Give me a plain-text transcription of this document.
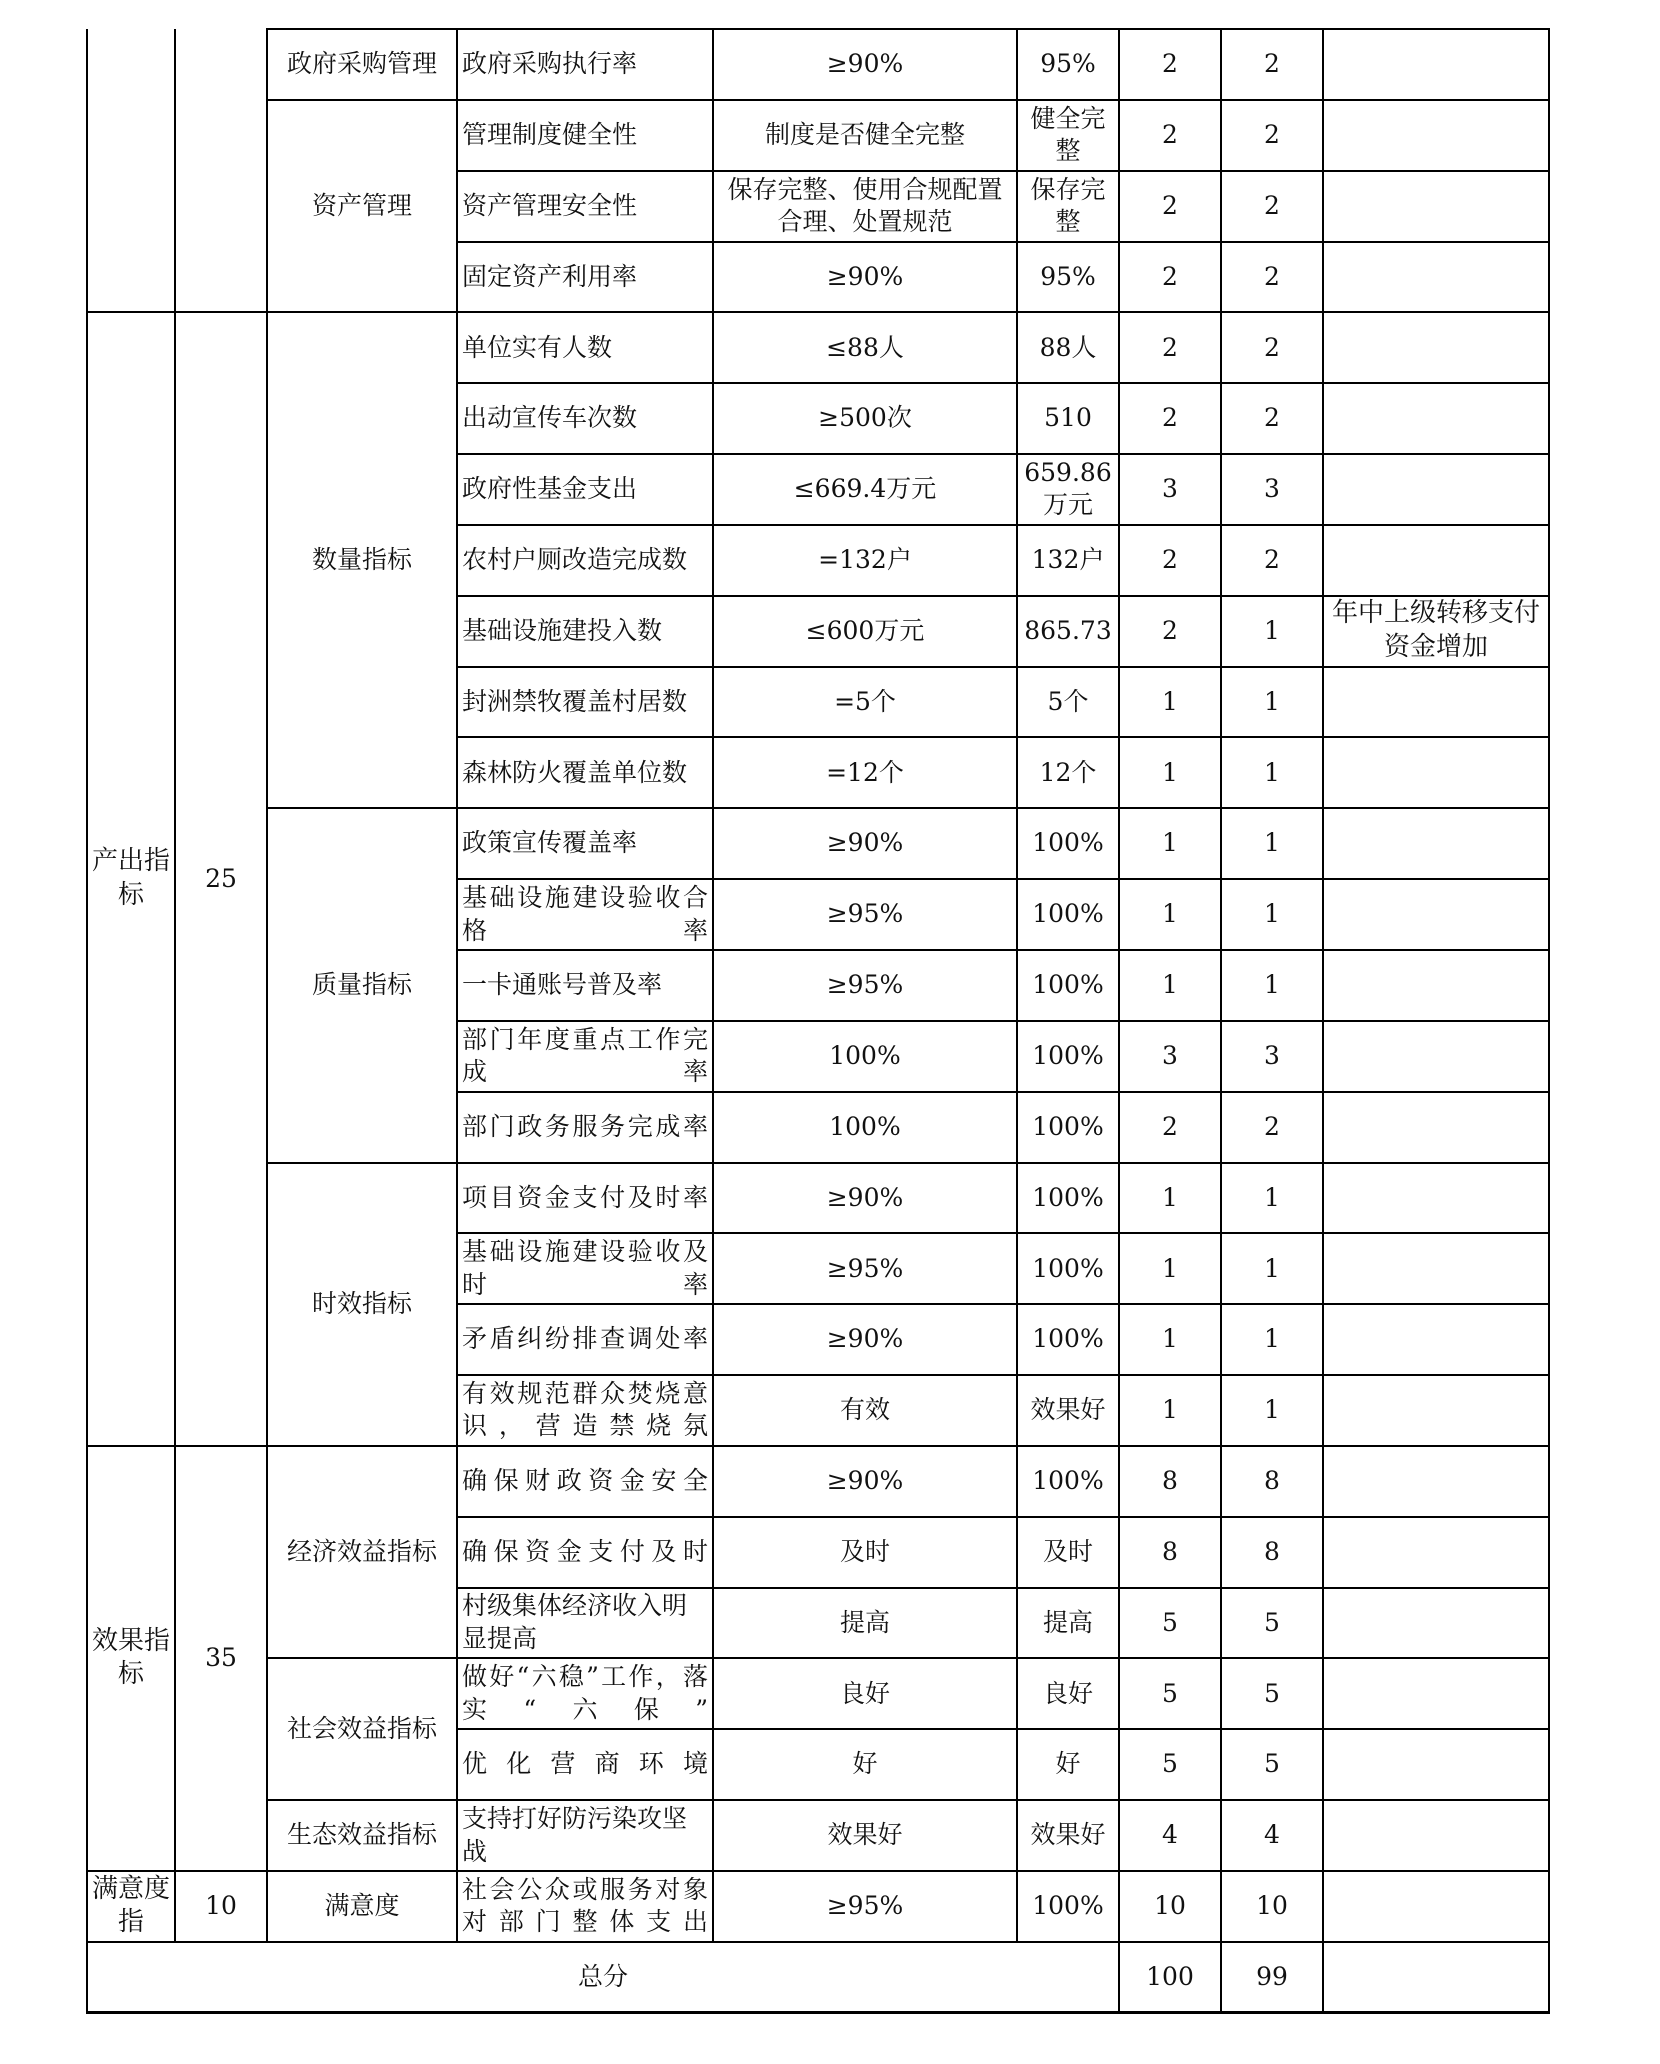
		政府采购管理	政府采购执行率	≥90%	95%	2	2	
		资产管理	管理制度健全性	制度是否健全完整	健全完整	2	2	
			资产管理安全性	保存完整、使用合规配置合理、处置规范	保存完整	2	2	
			固定资产利用率	≥90%	95%	2	2	
产出指标	25	数量指标	单位实有人数	≤88人	88人	2	2	
			出动宣传车次数	≥500次	510	2	2	
			政府性基金支出	≤669.4万元	659.86万元	3	3	
			农村户厕改造完成数	=132户	132户	2	2	
			基础设施建投入数	≤600万元	865.73	2	1	年中上级转移支付资金增加
			封洲禁牧覆盖村居数	=5个	5个	1	1	
			森林防火覆盖单位数	=12个	12个	1	1	
		质量指标	政策宣传覆盖率	≥90%	100%	1	1	
			基础设施建设验收合格率	≥95%	100%	1	1	
			一卡通账号普及率	≥95%	100%	1	1	
			部门年度重点工作完成率	100%	100%	3	3	
			部门政务服务完成率	100%	100%	2	2	
		时效指标	项目资金支付及时率	≥90%	100%	1	1	
			基础设施建设验收及时率	≥95%	100%	1	1	
			矛盾纠纷排查调处率	≥90%	100%	1	1	
			有效规范群众焚烧意识，营造禁烧氛	有效	效果好	1	1	
效果指标	35	经济效益指标	确保财政资金安全	≥90%	100%	8	8	
			确保资金支付及时	及时	及时	8	8	
			村级集体经济收入明显提高	提高	提高	5	5	
		社会效益指标	做好“六稳”工作，落实“六保”	良好	良好	5	5	
			优化营商环境	好	好	5	5	
		生态效益指标	支持打好防污染攻坚战	效果好	效果好	4	4	
满意度指	10	满意度	社会公众或服务对象对部门整体支出	≥95%	100%	10	10	
总分						100	99	
